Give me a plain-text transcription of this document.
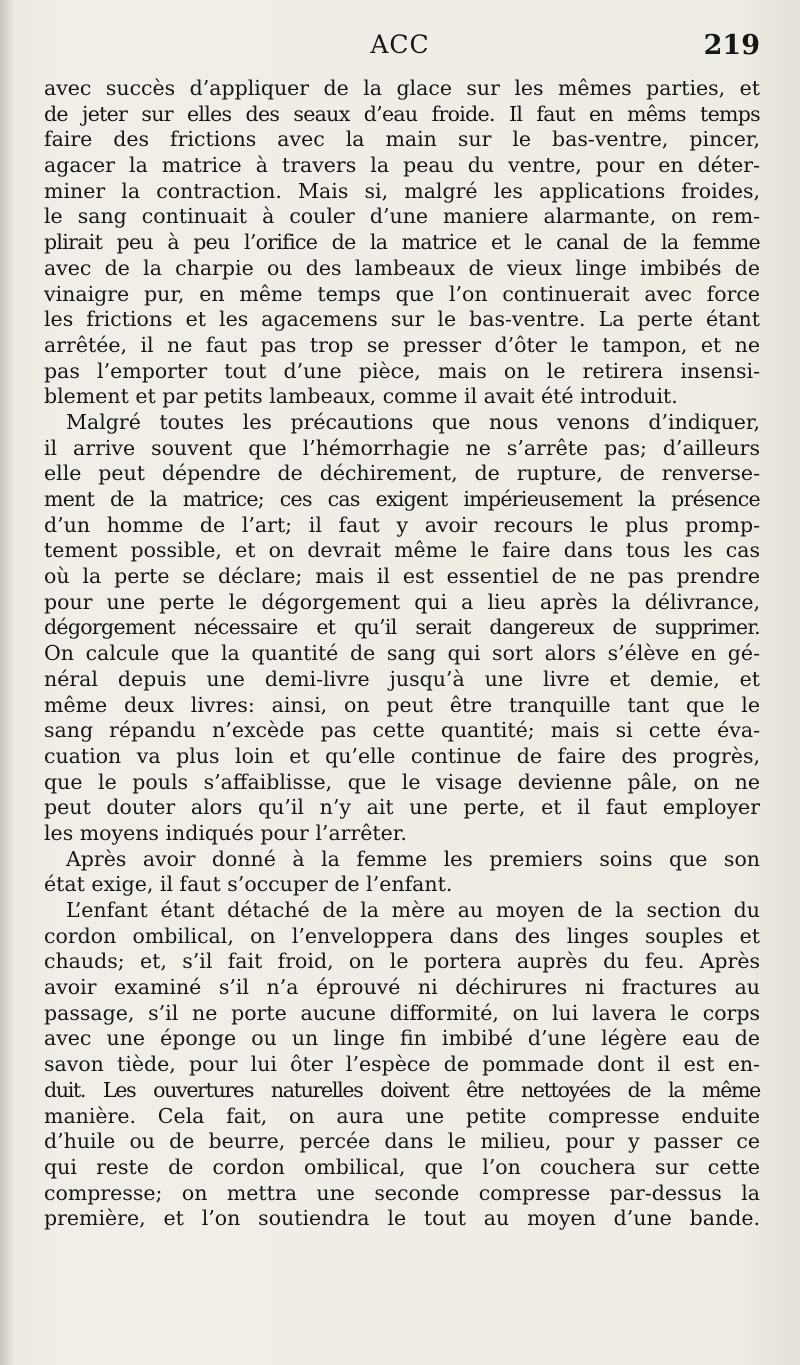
ACC	219
avec succès d’appliquer de la glace sur les mêmes parties, et
de jeter sur elles des seaux d’eau froide. Il faut en mêms temps
faire des frictions avec la main sur le bas-ventre, pincer,
agacer la matrice à travers la peau du ventre, pour en déter-
miner la contraction. Mais si, malgré les applications froides,
le sang continuait à couler d’une maniere alarmante, on rem-
plirait peu à peu l’orifice de la matrice et le canal de la femme
avec de la charpie ou des lambeaux de vieux linge imbibés de
vinaigre pur, en même temps que l’on continuerait avec force
les frictions et les agacemens sur le bas-ventre. La perte étant
arrêtée, il ne faut pas trop se presser d’ôter le tampon, et ne
pas l’emporter tout d’une pièce, mais on le retirera insensi-
blement et par petits lambeaux, comme il avait été introduit.
Malgré toutes les précautions que nous venons d’indiquer,
il arrive souvent que l’hémorrhagie ne s’arrête pas; d’ailleurs
elle peut dépendre de déchirement, de rupture, de renverse-
ment de la matrice; ces cas exigent impérieusement la présence
d’un homme de l’art; il faut y avoir recours le plus promp-
tement possible, et on devrait même le faire dans tous les cas
où la perte se déclare; mais il est essentiel de ne pas prendre
pour une perte le dégorgement qui a lieu après la délivrance,
dégorgement nécessaire et qu’il serait dangereux de supprimer.
On calcule que la quantité de sang qui sort alors s’élève en gé-
néral depuis une demi-livre jusqu’à une livre et demie, et
même deux livres: ainsi, on peut être tranquille tant que le
sang répandu n’excède pas cette quantité; mais si cette éva-
cuation va plus loin et qu’elle continue de faire des progrès,
que le pouls s’affaiblisse, que le visage devienne pâle, on ne
peut douter alors qu’il n’y ait une perte, et il faut employer
les moyens indiqués pour l’arrêter.
Après avoir donné à la femme les premiers soins que son
état exige, il faut s’occuper de l’enfant.
L’enfant étant détaché de la mère au moyen de la section du
cordon ombilical, on l’enveloppera dans des linges souples et
chauds; et, s’il fait froid, on le portera auprès du feu. Après
avoir examiné s’il n’a éprouvé ni déchirures ni fractures au
passage, s’il ne porte aucune difformité, on lui lavera le corps
avec une éponge ou un linge fin imbibé d’une légère eau de
savon tiède, pour lui ôter l’espèce de pommade dont il est en-
duit. Les ouvertures naturelles doivent être nettoyées de la même
manière. Cela fait, on aura une petite compresse enduite
d’huile ou de beurre, percée dans le milieu, pour y passer ce
qui reste de cordon ombilical, que l’on couchera sur cette
compresse; on mettra une seconde compresse par-dessus la
première, et l’on soutiendra le tout au moyen d’une bande.
